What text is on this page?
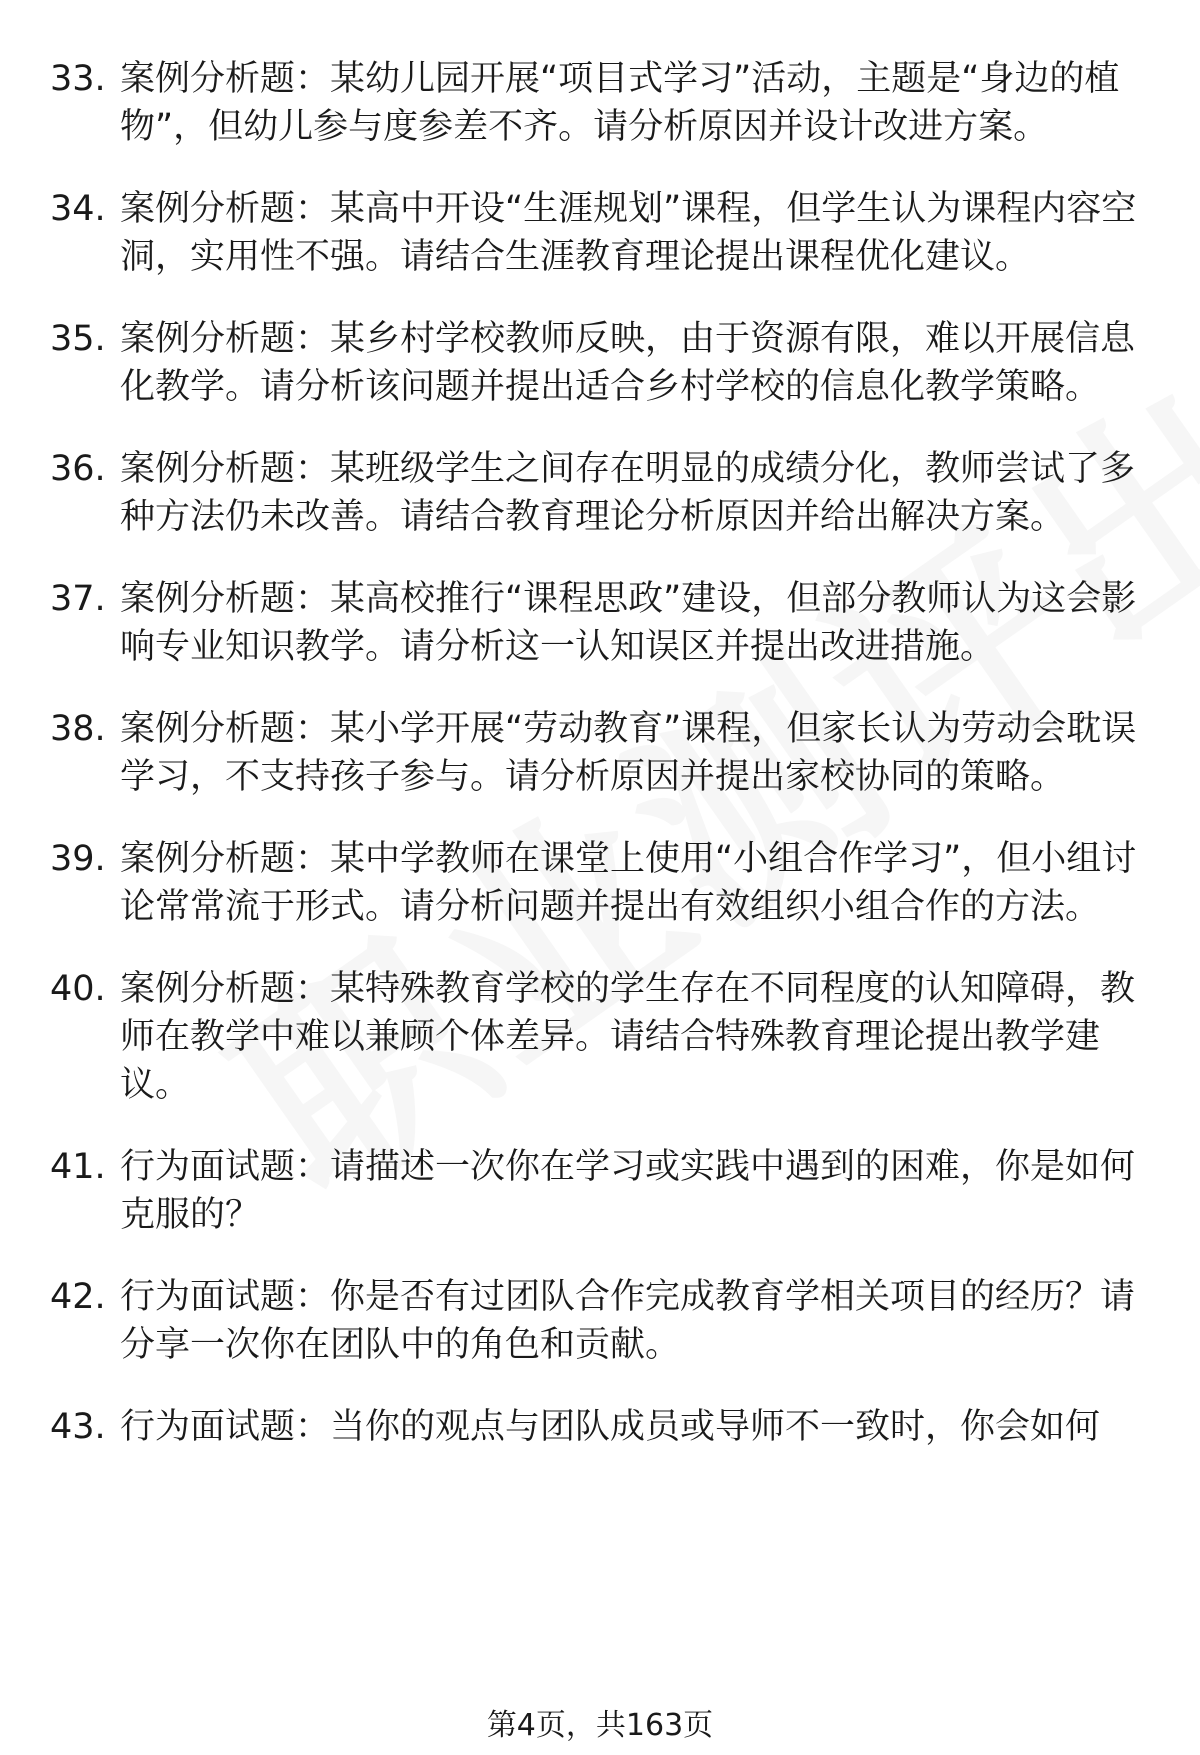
33. 案例分析题：某幼儿园开展“项目式学习”活动，主题是“身边的植物”，但幼儿参与度参差不齐。请分析原因并设计改进方案。
34. 案例分析题：某高中开设“生涯规划”课程，但学生认为课程内容空洞，实用性不强。请结合生涯教育理论提出课程优化建议。
35. 案例分析题：某乡村学校教师反映，由于资源有限，难以开展信息化教学。请分析该问题并提出适合乡村学校的信息化教学策略。
36. 案例分析题：某班级学生之间存在明显的成绩分化，教师尝试了多种方法仍未改善。请结合教育理论分析原因并给出解决方案。
37. 案例分析题：某高校推行“课程思政”建设，但部分教师认为这会影响专业知识教学。请分析这一认知误区并提出改进措施。
38. 案例分析题：某小学开展“劳动教育”课程，但家长认为劳动会耽误学习，不支持孩子参与。请分析原因并提出家校协同的策略。
39. 案例分析题：某中学教师在课堂上使用“小组合作学习”，但小组讨论常常流于形式。请分析问题并提出有效组织小组合作的方法。
40. 案例分析题：某特殊教育学校的学生存在不同程度的认知障碍，教师在教学中难以兼顾个体差异。请结合特殊教育理论提出教学建议。
41. 行为面试题：请描述一次你在学习或实践中遇到的困难，你是如何克服的？
42. 行为面试题：你是否有过团队合作完成教育学相关项目的经历？请分享一次你在团队中的角色和贡献。
43. 行为面试题：当你的观点与团队成员或导师不一致时，你会如何
第4页，共163页
